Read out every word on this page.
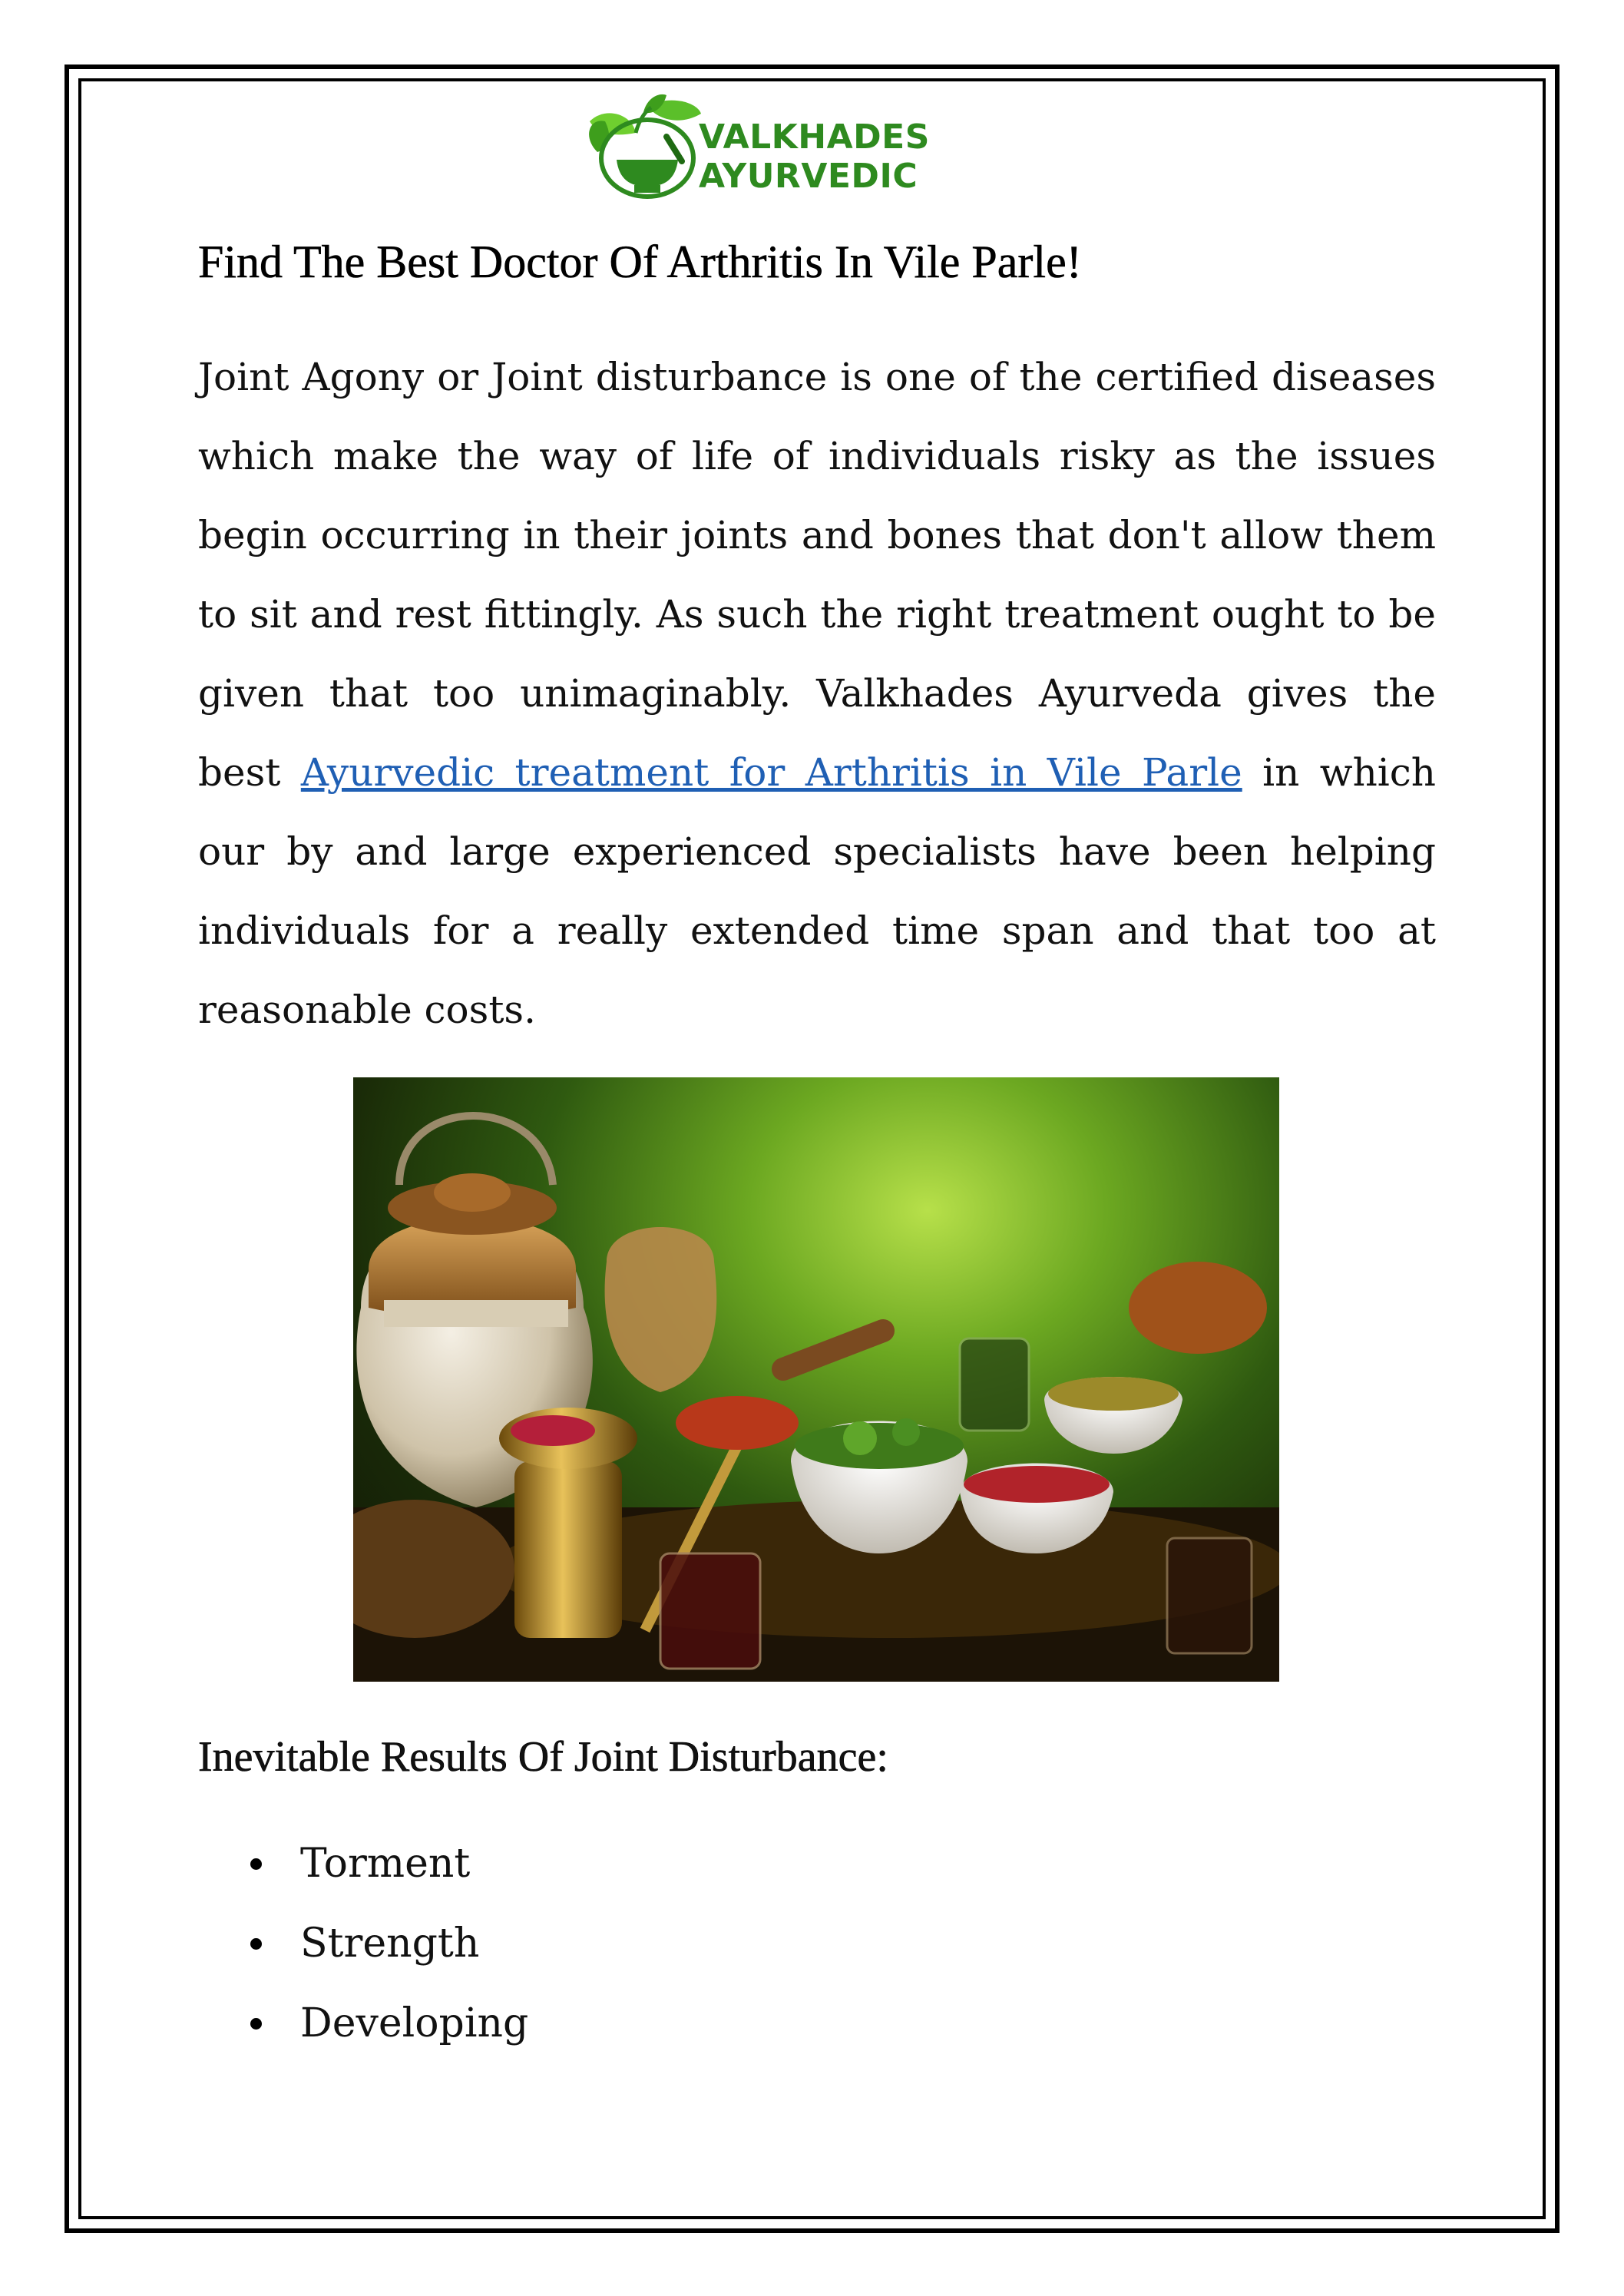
VALKHADES AYURVEDIC
Find The Best Doctor Of Arthritis In Vile Parle!

Joint Agony or Joint disturbance is one of the certified diseases which make the way of life of individuals risky as the issues begin occurring in their joints and bones that don't allow them to sit and rest fittingly. As such the right treatment ought to be given that too unimaginably. Valkhades Ayurveda gives the best Ayurvedic treatment for Arthritis in Vile Parle in which our by and large experienced specialists have been helping individuals for a really extended time span and that too at reasonable costs.

Inevitable Results Of Joint Disturbance:
Torment
Strength
Developing
